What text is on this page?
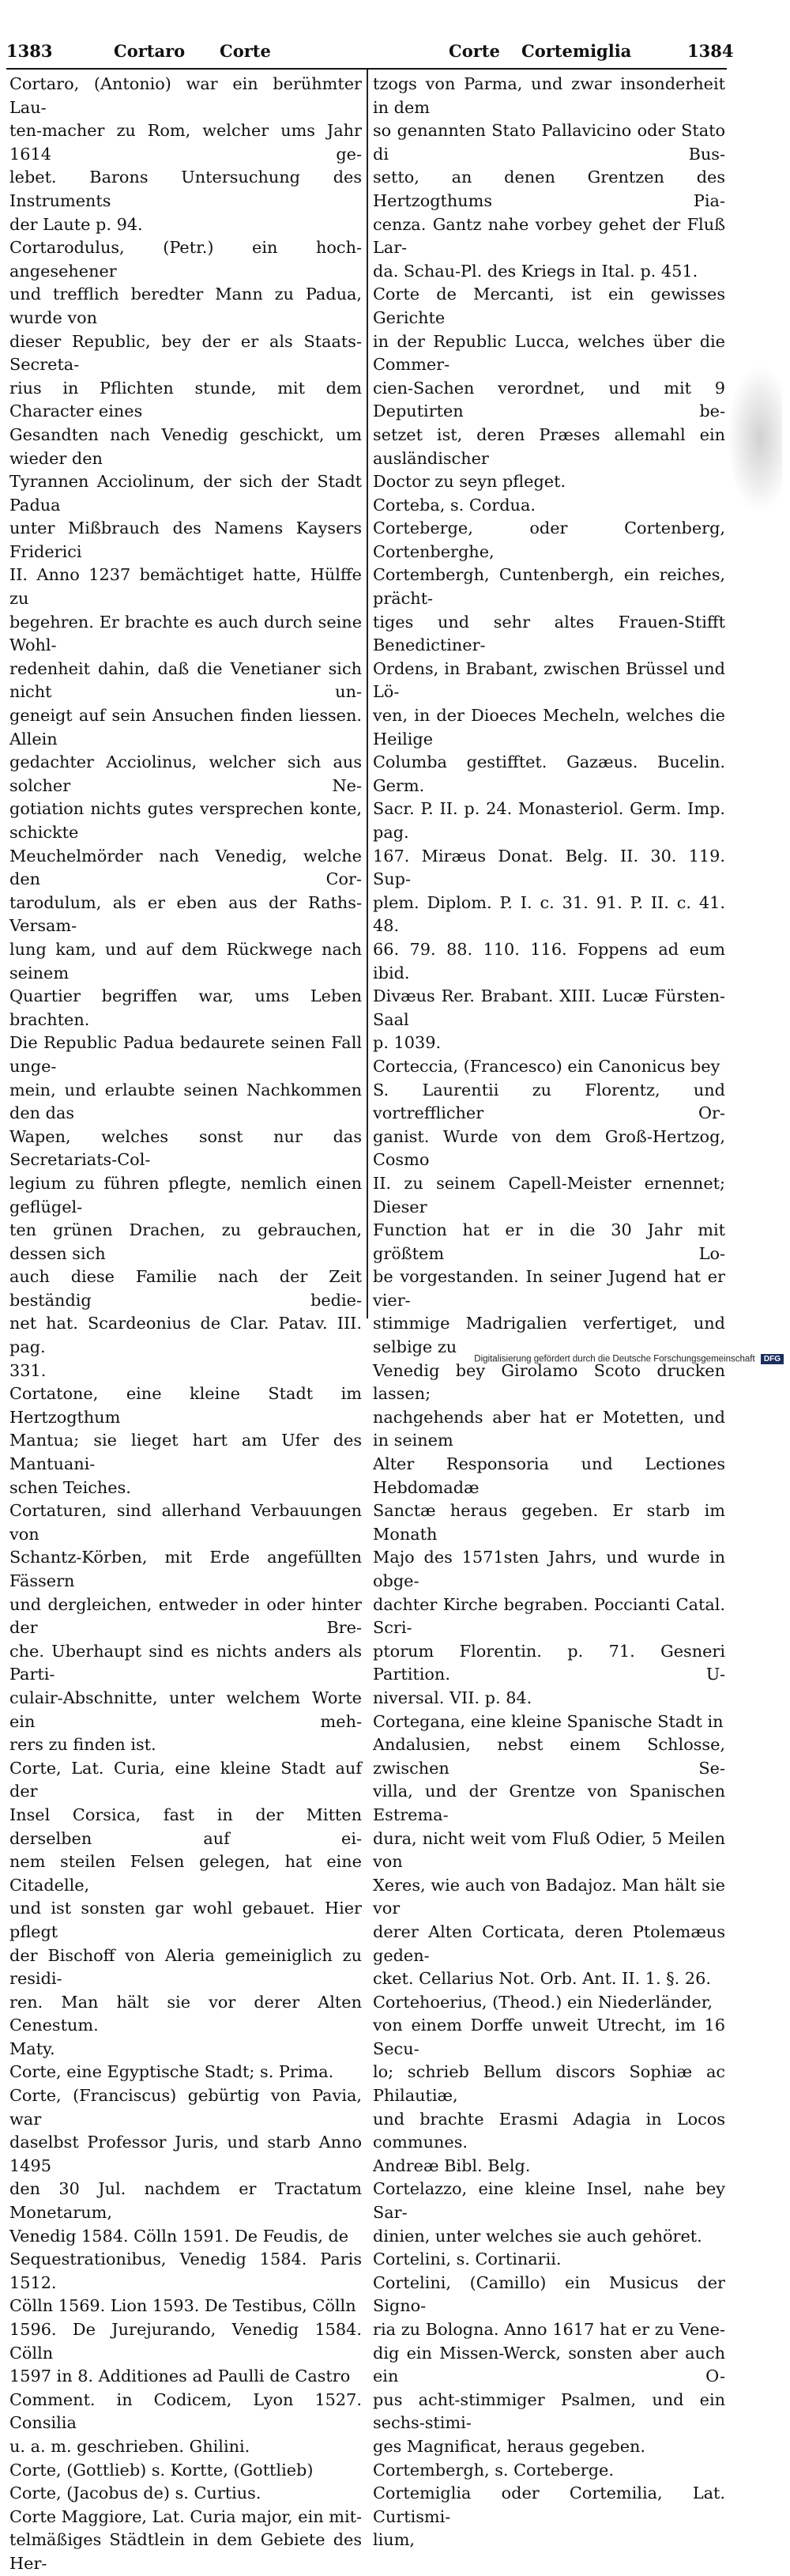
1383	Cortaro Corte	Corte Cortemiglia	1384

Cortaro, (Antonio) war ein berühmter Lau-

ten-macher zu Rom, welcher ums Jahr 1614 ge-

lebet. Barons Untersuchung des Instruments

der Laute p. 94.

Cortarodulus, (Petr.) ein hoch-angesehener

und trefflich beredter Mann zu Padua, wurde von

dieser Republic, bey der er als Staats-Secreta-

rius in Pflichten stunde, mit dem Character eines

Gesandten nach Venedig geschickt, um wieder den

Tyrannen Acciolinum, der sich der Stadt Padua

unter Mißbrauch des Namens Kaysers Friderici

II. Anno 1237 bemächtiget hatte, Hülffe zu

begehren. Er brachte es auch durch seine Wohl-

redenheit dahin, daß die Venetianer sich nicht un-

geneigt auf sein Ansuchen finden liessen. Allein

gedachter Acciolinus, welcher sich aus solcher Ne-

gotiation nichts gutes versprechen konte, schickte

Meuchelmörder nach Venedig, welche den Cor-

tarodulum, als er eben aus der Raths-Versam-

lung kam, und auf dem Rückwege nach seinem

Quartier begriffen war, ums Leben brachten.

Die Republic Padua bedaurete seinen Fall unge-

mein, und erlaubte seinen Nachkommen den das

Wapen, welches sonst nur das Secretariats-Col-

legium zu führen pflegte, nemlich einen geflügel-

ten grünen Drachen, zu gebrauchen, dessen sich

auch diese Familie nach der Zeit beständig bedie-

net hat. Scardeonius de Clar. Patav. III. pag.

331.

Cortatone, eine kleine Stadt im Hertzogthum

Mantua; sie lieget hart am Ufer des Mantuani-

schen Teiches.

Cortaturen, sind allerhand Verbauungen von

Schantz-Körben, mit Erde angefüllten Fässern

und dergleichen, entweder in oder hinter der Bre-

che. Uberhaupt sind es nichts anders als Parti-

culair-Abschnitte, unter welchem Worte ein meh-

rers zu finden ist.

Corte, Lat. Curia, eine kleine Stadt auf der

Insel Corsica, fast in der Mitten derselben auf ei-

nem steilen Felsen gelegen, hat eine Citadelle,

und ist sonsten gar wohl gebauet. Hier pflegt

der Bischoff von Aleria gemeiniglich zu residi-

ren. Man hält sie vor derer Alten Cenestum.

Maty.

Corte, eine Egyptische Stadt; s. Prima.

Corte, (Franciscus) gebürtig von Pavia, war

daselbst Professor Juris, und starb Anno 1495

den 30 Jul. nachdem er Tractatum Monetarum,

Venedig 1584. Cölln 1591. De Feudis, de

Sequestrationibus, Venedig 1584. Paris 1512.

Cölln 1569. Lion 1593. De Testibus, Cölln

1596. De Jurejurando, Venedig 1584. Cölln

1597 in 8. Additiones ad Paulli de Castro

Comment. in Codicem, Lyon 1527. Consilia

u. a. m. geschrieben. Ghilini.

Corte, (Gottlieb) s. Kortte, (Gottlieb)

Corte, (Jacobus de) s. Curtius.

Corte Maggiore, Lat. Curia major, ein mit-

telmäßiges Städtlein in dem Gebiete des Her-

tzogs von Parma, und zwar insonderheit in dem

so genannten Stato Pallavicino oder Stato di Bus-

setto, an denen Grentzen des Hertzogthums Pia-

cenza. Gantz nahe vorbey gehet der Fluß Lar-

da. Schau-Pl. des Kriegs in Ital. p. 451.

Corte de Mercanti, ist ein gewisses Gerichte

in der Republic Lucca, welches über die Commer-

cien-Sachen verordnet, und mit 9 Deputirten be-

setzet ist, deren Præses allemahl ein ausländischer

Doctor zu seyn pfleget.

Corteba, s. Cordua.

Corteberge, oder Cortenberg, Cortenberghe,

Cortembergh, Cuntenbergh, ein reiches, prächt-

tiges und sehr altes Frauen-Stifft Benedictiner-

Ordens, in Brabant, zwischen Brüssel und Lö-

ven, in der Dioeces Mecheln, welches die Heilige

Columba gestifftet. Gazæus. Bucelin. Germ.

Sacr. P. II. p. 24. Monasteriol. Germ. Imp. pag.

167. Miræus Donat. Belg. II. 30. 119. Sup-

plem. Diplom. P. I. c. 31. 91. P. II. c. 41. 48.

66. 79. 88. 110. 116. Foppens ad eum ibid.

Divæus Rer. Brabant. XIII. Lucæ Fürsten-Saal

p. 1039.

Corteccia, (Francesco) ein Canonicus bey

S. Laurentii zu Florentz, und vortrefflicher Or-

ganist. Wurde von dem Groß-Hertzog, Cosmo

II. zu seinem Capell-Meister ernennet; Dieser

Function hat er in die 30 Jahr mit größtem Lo-

be vorgestanden. In seiner Jugend hat er vier-

stimmige Madrigalien verfertiget, und selbige zu

Venedig bey Girolamo Scoto drucken lassen;

nachgehends aber hat er Motetten, und in seinem

Alter Responsoria und Lectiones Hebdomadæ

Sanctæ heraus gegeben. Er starb im Monath

Majo des 1571sten Jahrs, und wurde in obge-

dachter Kirche begraben. Poccianti Catal. Scri-

ptorum Florentin. p. 71. Gesneri Partition. U-

niversal. VII. p. 84.

Cortegana, eine kleine Spanische Stadt in

Andalusien, nebst einem Schlosse, zwischen Se-

villa, und der Grentze von Spanischen Estrema-

dura, nicht weit vom Fluß Odier, 5 Meilen von

Xeres, wie auch von Badajoz. Man hält sie vor

derer Alten Corticata, deren Ptolemæus geden-

cket. Cellarius Not. Orb. Ant. II. 1. §. 26.

Cortehoerius, (Theod.) ein Niederländer,

von einem Dorffe unweit Utrecht, im 16 Secu-

lo; schrieb Bellum discors Sophiæ ac Philautiæ,

und brachte Erasmi Adagia in Locos communes.

Andreæ Bibl. Belg.

Cortelazzo, eine kleine Insel, nahe bey Sar-

dinien, unter welches sie auch gehöret.

Cortelini, s. Cortinarii.

Cortelini, (Camillo) ein Musicus der Signo-

ria zu Bologna. Anno 1617 hat er zu Vene-

dig ein Missen-Werck, sonsten aber auch ein O-

pus acht-stimmiger Psalmen, und ein sechs-stimi-

ges Magnificat, heraus gegeben.

Cortembergh, s. Corteberge.

Cortemiglia oder Cortemilia, Lat. Curtismi-

lium,

Digitalisierung gefördert durch die Deutsche Forschungsgemeinschaft DFG
